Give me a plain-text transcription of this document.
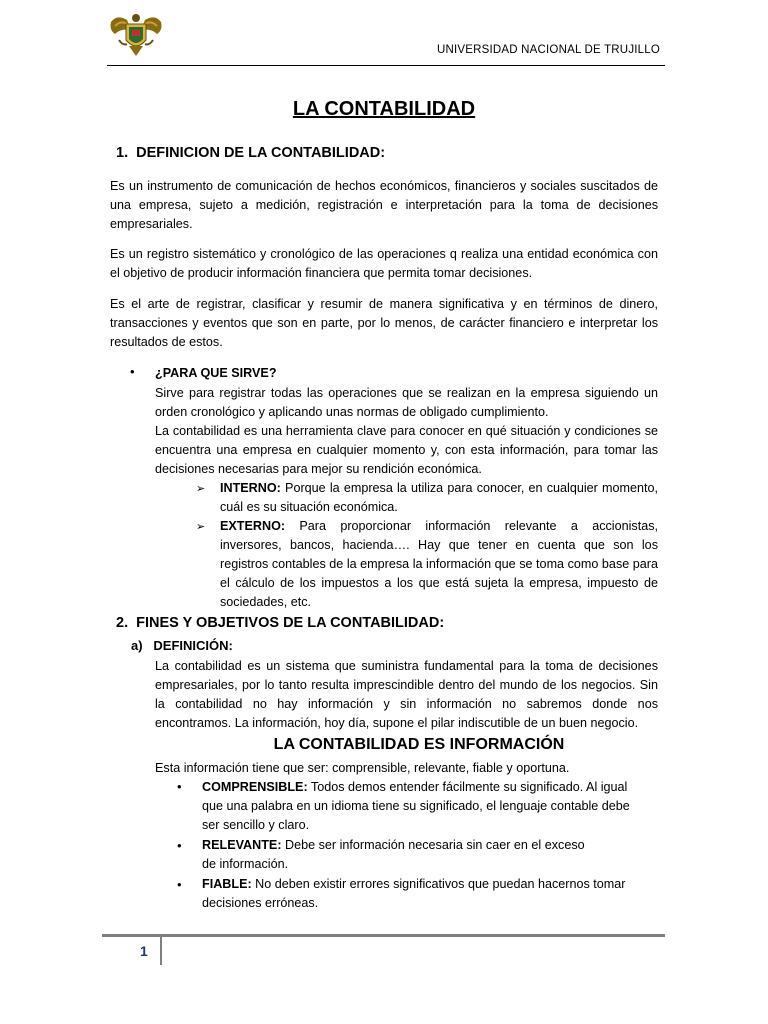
UNIVERSIDAD NACIONAL DE TRUJILLO
LA CONTABILIDAD
1. DEFINICION DE LA CONTABILIDAD:
Es un instrumento de comunicación de hechos económicos, financieros y sociales suscitados de una empresa, sujeto a medición, registración e interpretación para la toma de decisiones empresariales.
Es un registro sistemático y cronológico de las operaciones q realiza una entidad económica con el objetivo de producir información financiera que permita tomar decisiones.
Es el arte de registrar, clasificar y resumir de manera significativa y en términos de dinero, transacciones y eventos que son en parte, por lo menos, de carácter financiero e interpretar los resultados de estos.
• ¿PARA QUE SIRVE?
Sirve para registrar todas las operaciones que se realizan en la empresa siguiendo un orden cronológico y aplicando unas normas de obligado cumplimiento.
La contabilidad es una herramienta clave para conocer en qué situación y condiciones se encuentra una empresa en cualquier momento y, con esta información, para tomar las decisiones necesarias para mejor su rendición económica.
➢ INTERNO: Porque la empresa la utiliza para conocer, en cualquier momento, cuál es su situación económica.
➢ EXTERNO: Para proporcionar información relevante a accionistas, inversores, bancos, hacienda…. Hay que tener en cuenta que son los registros contables de la empresa la información que se toma como base para el cálculo de los impuestos a los que está sujeta la empresa, impuesto de sociedades, etc.
2. FINES Y OBJETIVOS DE LA CONTABILIDAD:
a) DEFINICIÓN:
La contabilidad es un sistema que suministra fundamental para la toma de decisiones empresariales, por lo tanto resulta imprescindible dentro del mundo de los negocios. Sin la contabilidad no hay información y sin información no sabremos donde nos encontramos. La información, hoy día, supone el pilar indiscutible de un buen negocio.
LA CONTABILIDAD ES INFORMACIÓN
Esta información tiene que ser: comprensible, relevante, fiable y oportuna.
• COMPRENSIBLE: Todos demos entender fácilmente su significado. Al igual que una palabra en un idioma tiene su significado, el lenguaje contable debe ser sencillo y claro.
• RELEVANTE: Debe ser información necesaria sin caer en el exceso de información.
• FIABLE: No deben existir errores significativos que puedan hacernos tomar decisiones erróneas.
1
